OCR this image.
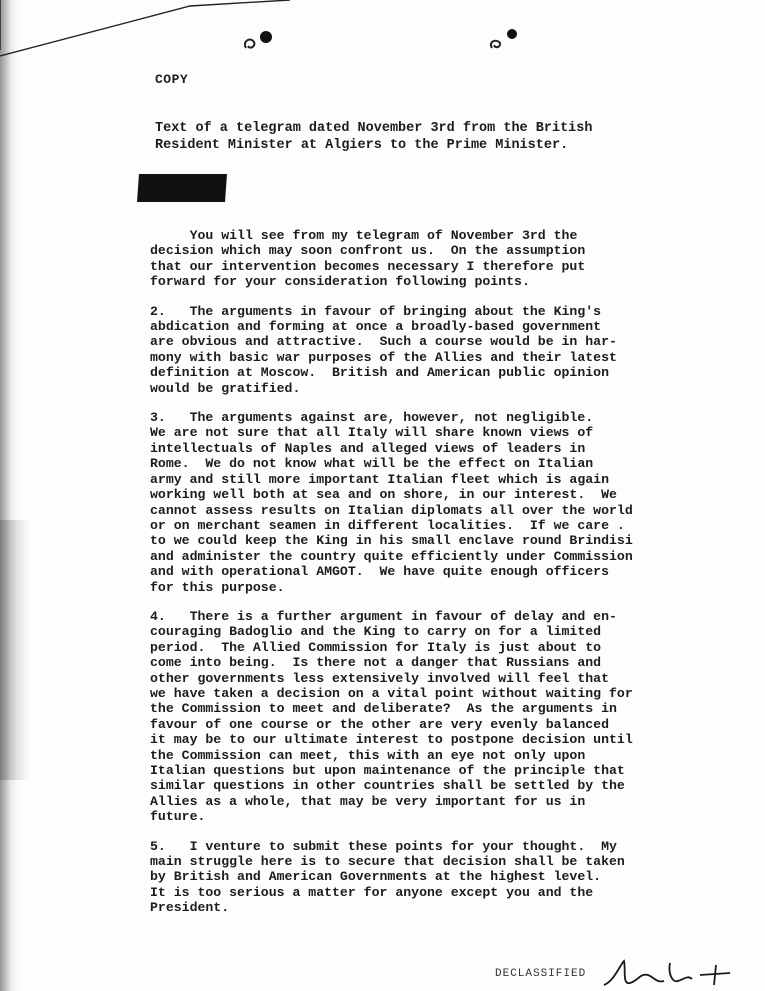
COPY
Text of a telegram dated November 3rd from the British
Resident Minister at Algiers to the Prime Minister.

You will see from my telegram of November 3rd the
decision which may soon confront us.  On the assumption
that our intervention becomes necessary I therefore put
forward for your consideration following points.

2.   The arguments in favour of bringing about the King's
abdication and forming at once a broadly-based government
are obvious and attractive.  Such a course would be in har-
mony with basic war purposes of the Allies and their latest
definition at Moscow.  British and American public opinion
would be gratified.

3.   The arguments against are, however, not negligible.
We are not sure that all Italy will share known views of
intellectuals of Naples and alleged views of leaders in
Rome.  We do not know what will be the effect on Italian
army and still more important Italian fleet which is again
working well both at sea and on shore, in our interest.  We
cannot assess results on Italian diplomats all over the world
or on merchant seamen in different localities.  If we care .
to we could keep the King in his small enclave round Brindisi
and administer the country quite efficiently under Commission
and with operational AMGOT.  We have quite enough officers
for this purpose.

4.   There is a further argument in favour of delay and en-
couraging Badoglio and the King to carry on for a limited
period.  The Allied Commission for Italy is just about to
come into being.  Is there not a danger that Russians and
other governments less extensively involved will feel that
we have taken a decision on a vital point without waiting for
the Commission to meet and deliberate?  As the arguments in
favour of one course or the other are very evenly balanced
it may be to our ultimate interest to postpone decision until
the Commission can meet, this with an eye not only upon
Italian questions but upon maintenance of the principle that
similar questions in other countries shall be settled by the
Allies as a whole, that may be very important for us in
future.

5.   I venture to submit these points for your thought.  My
main struggle here is to secure that decision shall be taken
by British and American Governments at the highest level.
It is too serious a matter for anyone except you and the
President.

DECLASSIFIED
